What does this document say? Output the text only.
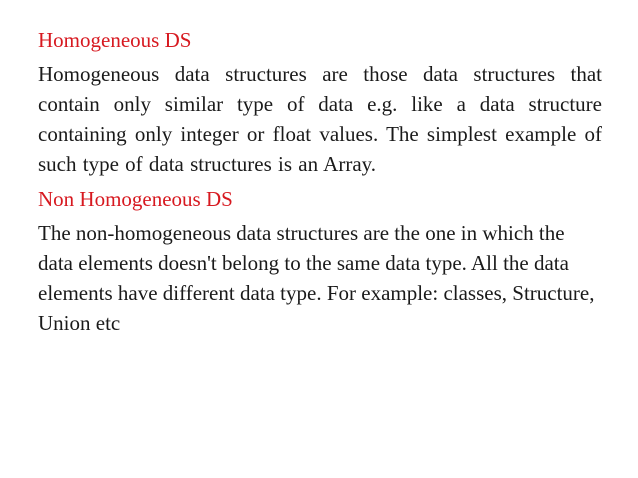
Homogeneous DS

Homogeneous data structures are those data structures that contain only similar type of data e.g. like a data structure containing only integer or float values. The simplest example of such type of data structures is an Array.

Non Homogeneous DS

The non-homogeneous data structures are the one in which the data elements doesn't belong to the same data type. All the data elements have different data type. For example: classes, Structure, Union etc
